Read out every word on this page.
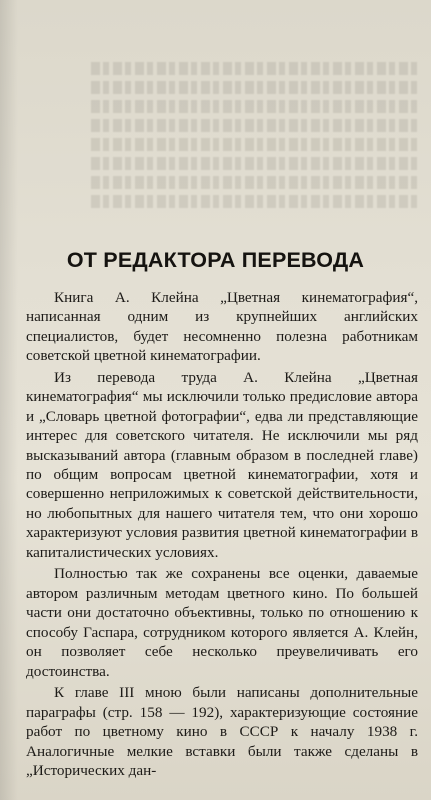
ОТ РЕДАКТОРА ПЕРЕВОДА

Книга А. Клейна „Цветная кинематография“, написанная одним из крупнейших английских специалистов, будет несомненно полезна работникам советской цветной кинематографии.

Из перевода труда А. Клейна „Цветная кинематография“ мы исключили только предисловие автора и „Словарь цветной фотографии“, едва ли представляющие интерес для советского читателя. Не исключили мы ряд высказываний автора (главным образом в последней главе) по общим вопросам цветной кинематографии, хотя и совершенно неприложимых к советской действительности, но любопытных для нашего читателя тем, что они хорошо характеризуют условия развития цветной кинематографии в капиталистических условиях.

Полностью так же сохранены все оценки, даваемые автором различным методам цветного кино. По большей части они достаточно объективны, только по отношению к способу Гаспара, сотрудником которого является А. Клейн, он позволяет себе несколько преувеличивать его достоинства.

К главе III мною были написаны дополнительные параграфы (стр. 158 — 192), характеризующие состояние работ по цветному кино в СССР к началу 1938 г. Аналогичные мелкие вставки были также сделаны в „Исторических дан-
